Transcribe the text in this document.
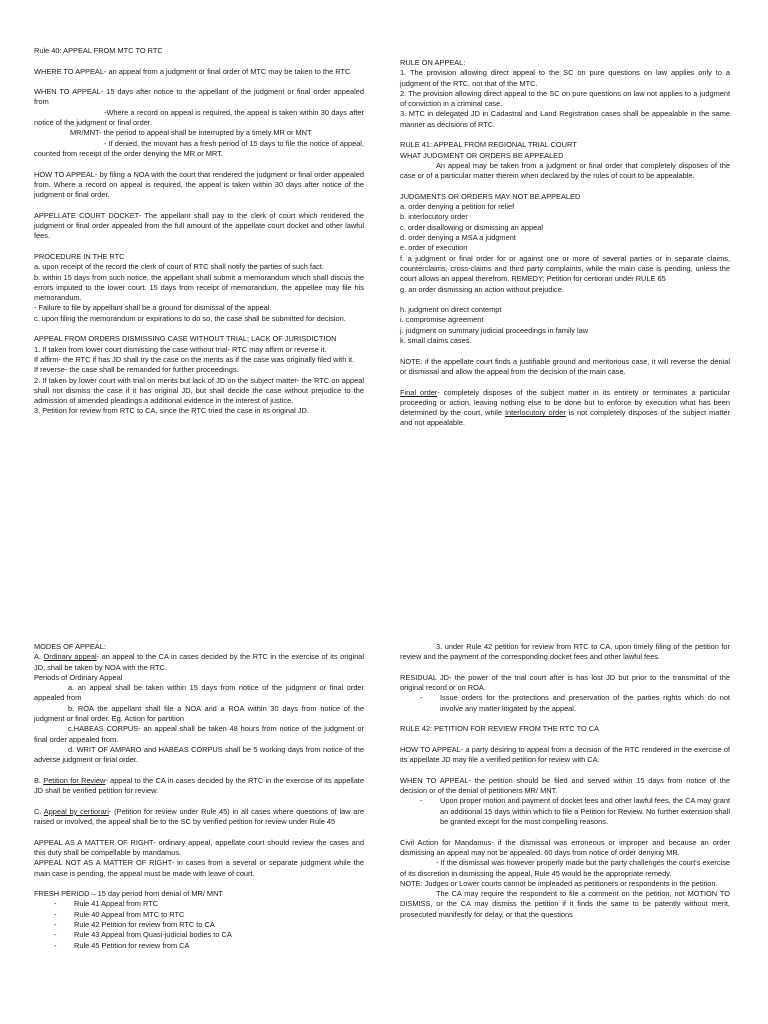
Rule 40: APPEAL FROM MTC TO RTC

WHERE TO APPEAL- an appeal from a judgment or final order of MTC may be taken to the RTC

WHEN TO APPEAL- 15 days after notice to the appellant of the judgment or final order appealed from

-Where a record on appeal is required, the appeal is taken within 30 days after notice of the judgment or final order.

MR/MNT- the period to appeal shall be interrupted by a timely MR or MNT

- If denied, the movant has a fresh period of 15 days to file the notice of appeal, counted from receipt of the order denying the MR or MRT.

HOW TO APPEAL- by filing a NOA with the court that rendered the judgment or final order appealed from. Where a record on appeal is required, the appeal is taken within 30 days after notice of the judgment or final order.

APPELLATE COURT DOCKET- The appellant shall pay to the clerk of court which rendered the judgment or final order appealed from the full amount of the appellate court docket and other lawful fees.

PROCEDURE IN THE RTC

a. upon receipt of the record the clerk of court of RTC shall notify the parties of such fact.

b. within 15 days from such notice, the appellant shall submit a memorandum which shall discus the errors imputed to the lower court. 15 days from receipt of memorandum, the appellee may file his memorandum.

- Failure to file by appellant shall be a ground for dismissal of the appeal.

c. upon filing the memorandum or expirations to do so, the case shall be submitted for decision.

APPEAL FROM ORDERS DISMISSING CASE WITHOUT TRIAL; LACK OF JURISDICTION

1. If taken from lower court dismissing the case without trial- RTC may affirm or reverse it.

If affirm- the RTC if has JD shall try the case on the merits as if the case was originally filed with it.

If reverse- the case shall be remanded for further proceedings.

2. If taken by lower court with trial on merits but lack of JD on the subject matter- the RTC on appeal shall not dismiss the case if it has original JD, but shall decide the case without prejudice to the admission of amended pleadings a additional evidence in the interest of justice.

3. Petition for review from RTC to CA, since the RTC tried the case in its original JD.

RULE ON APPEAL:

1. The provision allowing direct appeal to the SC on pure questions on law applies only to a judgment of the RTC, not that of the MTC.

2. The provision allowing direct appeal to the SC on pure questions on law not applies to a judgment of conviction in a criminal case.

3. MTC in delegated JD in Cadastral and Land Registration cases shall be appealable in the same manner as decisions of RTC.

RULE 41: APPEAL FROM REGIONAL TRIAL COURT

WHAT JUDGMENT OR ORDERS BE APPEALED

An appeal may be taken from a judgment or final order that completely disposes of the case or of a particular matter therein when declared by the rules of court to be appealable.

JUDGMENTS OR ORDERS MAY NOT BE APPEALED

a. order denying a petition for relief

b. interlocutory order

c. order disallowing or dismissing an appeal

d. order denying a MSA a judgment

e. order of execution

f. a judgment or final order for or against one or more of several parties or in separate claims, counterclaims, cross-claims and third party complaints, while the main case is pending, unless the court allows an appeal therefrom. REMEDY; Petition for certiorari under RULE 65

g. an order dismissing an action without prejudice.

h. judgment on direct contempt

i. compromise agreement

j. judgment on summary judicial proceedings in family law

k. small claims cases.

NOTE: if the appellate court finds a justifiable ground and meritorious case, it will reverse the denial or dismissal and allow the appeal from the decision of the main case.

Final order- completely disposes of the subject matter in its entirety or terminates a particular proceeding or action, leaving nothing else to be done but to enforce by execution what has been determined by the court, while Interlocutory order is not completely disposes of the subject matter and not appealable.

MODES OF APPEAL:

A. Ordinary appeal- an appeal to the CA in cases decided by the RTC in the exercise of its original JD, shall be taken by NOA with the RTC.

Periods of Ordinary Appeal

a. an appeal shall be taken within 15 days from notice of the judgment or final order appealed from

b. ROA the appellant shall file a NOA and a ROA within 30 days from notice of the judgment or final order. Eg. Action for partition

c.HABEAS CORPUS- an appeal shall be taken 48 hours from notice of the judgment or final order appealed from.

d. WRIT OF AMPARO and HABEAS CORPUS shall be 5 working days from notice of the adverse judgment or final order.

B. Petition for Review- appeal to the CA in cases decided by the RTC in the exercise of its appellate JD shall be verified petition for review.

C. Appeal by certiorari- (Petition for review under Rule 45) in all cases where questions of law are raised or involved, the appeal shall be to the SC by verified petition for review under Rule 45

APPEAL AS A MATTER OF RIGHT- ordinary appeal, appellate court should review the cases and this duty shall be compellable by mandamus.

APPEAL NOT AS A MATTER OF RIGHT- in cases from a several or separate judgment while the main case is pending, the appeal must be made with leave of court.

FRESH PERIOD – 15 day period from denial of MR/ MNT

- Rule 41 Appeal from RTC
- Rule 40 Appeal from MTC to RTC
- Rule 42 Petition for review from RTC to CA
- Rule 43 Appeal from Quasi-judicial bodies to CA
- Rule 45 Petition for review from CA

3. under Rule 42 petition for review from RTC to CA, upon timely filing of the petition for review and the payment of the corresponding docket fees and other lawful fees.

RESIDUAL JD- the power of the trial court after is has lost JD but prior to the transmittal of the original record or on ROA.

- Issue orders for the protections and preservation of the parties rights which do not involve any matter litigated by the appeal.

RULE 42: PETITION FOR REVIEW FROM THE RTC TO CA

HOW TO APPEAL- a party desiring to appeal from a decision of the RTC rendered in the exercise of its appellate JD may file a verified petition for review with CA.

WHEN TO APPEAL- the petition should be filed and served within 15 days from notice of the decision or of the denial of petitioners MR/ MNT.

- Upon proper motion and payment of docket fees and other lawful fees, the CA may grant an additional 15 days within which to file a Petition for Review. No further extension shall be granted except for the most compelling reasons.

Civil Action for Mandamus- if the dismissal was erroneous or improper and because an order dismissing an appeal may not be appealed. 60 days from notice of order denying MR.

- If the dismissal was however properly made but the party challenges the court's exercise of its discretion in dismissing the appeal, Rule 45 would be the appropriate remedy.

NOTE: Judges or Lower courts cannot be impleaded as petitioners or respondents in the petition.

The CA may require the respondent to file a comment on the petition, not MOTION TO DISMISS, or the CA may dismiss the petition if it finds the same to be patently without merit, prosecuted manifestly for delay, or that the questions
